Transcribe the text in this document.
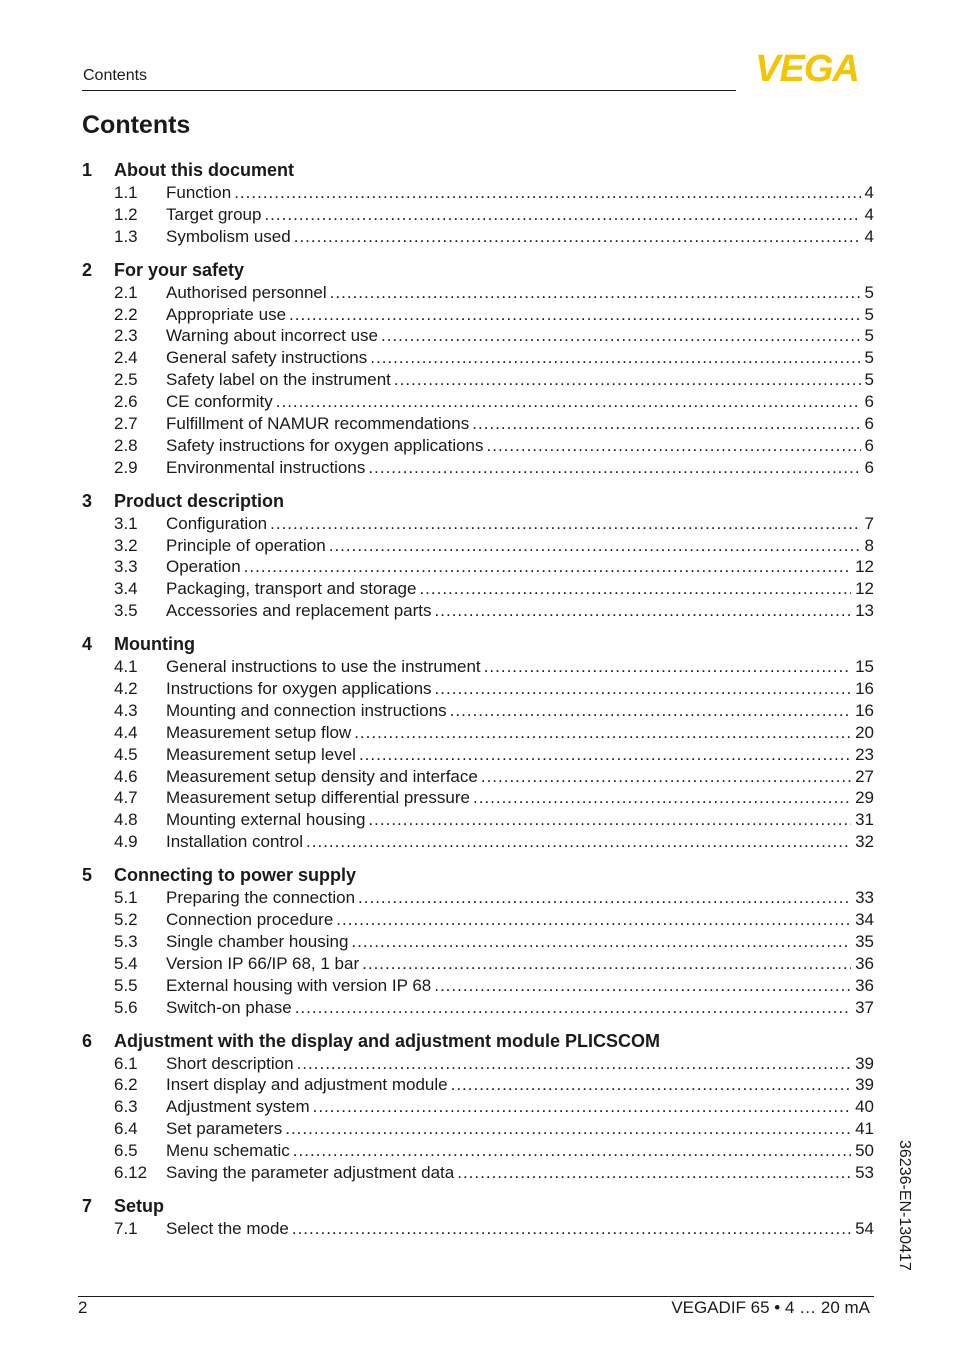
Contents	VEGA
Contents
1	About this document
1.1	Function .....	4
1.2	Target group .....	4
1.3	Symbolism used .....	4
2	For your safety
2.1	Authorised personnel .....	5
2.2	Appropriate use .....	5
2.3	Warning about incorrect use .....	5
2.4	General safety instructions .....	5
2.5	Safety label on the instrument .....	5
2.6	CE conformity .....	6
2.7	Fulfillment of NAMUR recommendations .....	6
2.8	Safety instructions for oxygen applications .....	6
2.9	Environmental instructions .....	6
3	Product description
3.1	Configuration .....	7
3.2	Principle of operation .....	8
3.3	Operation .....	12
3.4	Packaging, transport and storage .....	12
3.5	Accessories and replacement parts .....	13
4	Mounting
4.1	General instructions to use the instrument .....	15
4.2	Instructions for oxygen applications .....	16
4.3	Mounting and connection instructions .....	16
4.4	Measurement setup flow .....	20
4.5	Measurement setup level .....	23
4.6	Measurement setup density and interface .....	27
4.7	Measurement setup differential pressure .....	29
4.8	Mounting external housing .....	31
4.9	Installation control .....	32
5	Connecting to power supply
5.1	Preparing the connection .....	33
5.2	Connection procedure .....	34
5.3	Single chamber housing .....	35
5.4	Version IP 66/IP 68, 1 bar .....	36
5.5	External housing with version IP 68 .....	36
5.6	Switch-on phase .....	37
6	Adjustment with the display and adjustment module PLICSCOM
6.1	Short description .....	39
6.2	Insert display and adjustment module .....	39
6.3	Adjustment system .....	40
6.4	Set parameters .....	41
6.5	Menu schematic .....	50
6.12	Saving the parameter adjustment data .....	53
7	Setup
7.1	Select the mode .....	54
2	VEGADIF 65 • 4 … 20 mA
36236-EN-130417
